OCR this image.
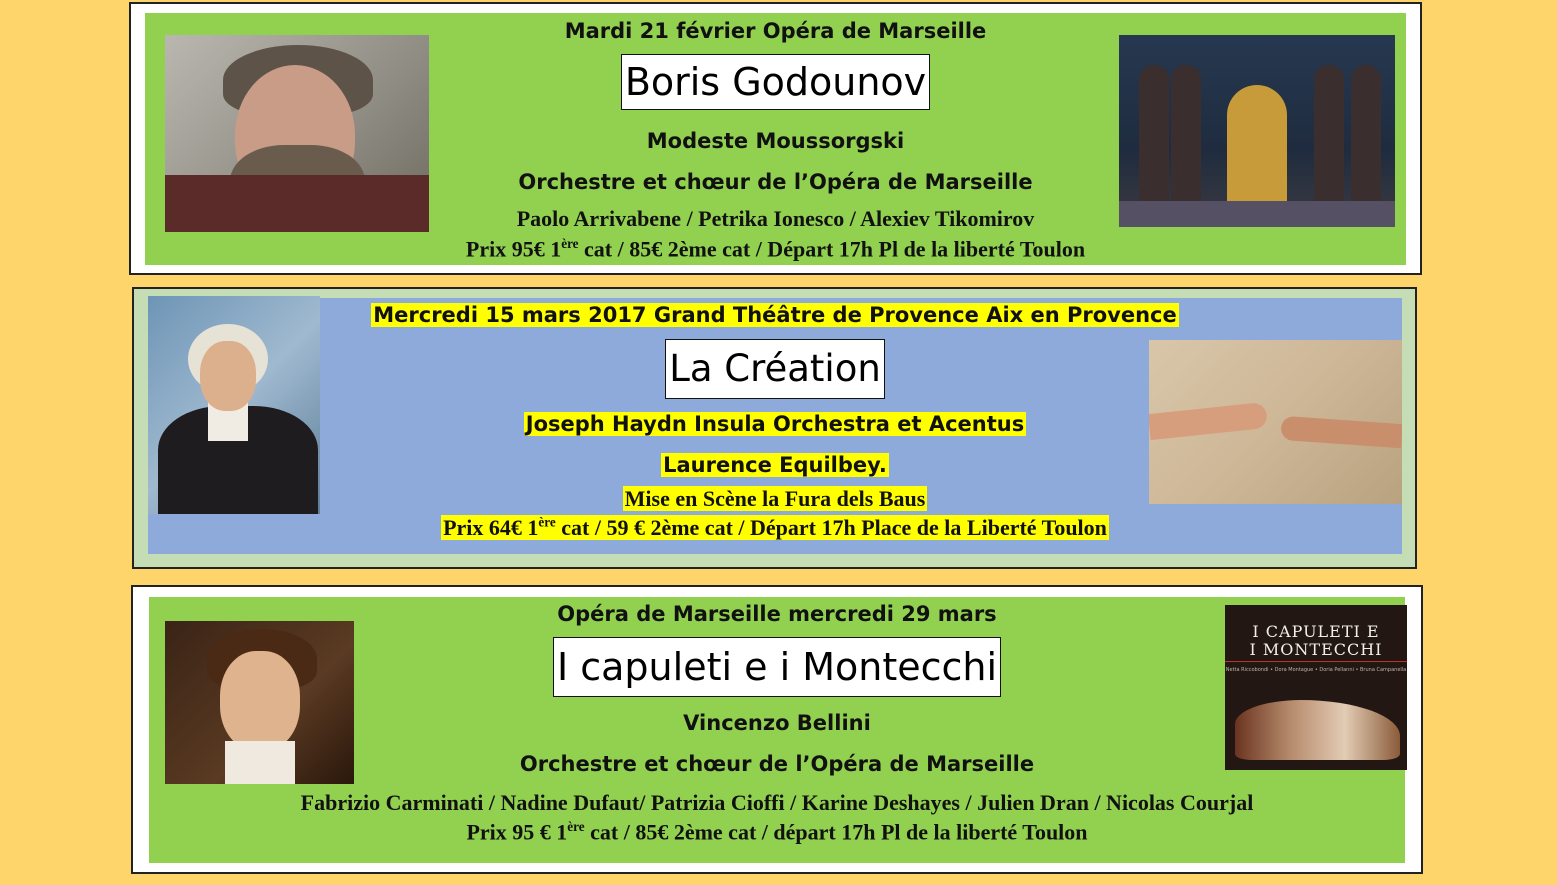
Mardi 21 février Opéra de Marseille
Boris Godounov
Modeste Moussorgski
Orchestre et chœur de l’Opéra de Marseille
Paolo Arrivabene / Petrika Ionesco / Alexiev Tikomirov
Prix 95€ 1ère cat / 85€ 2ème cat / Départ 17h Pl de la liberté Toulon
Mercredi 15 mars 2017 Grand Théâtre de Provence Aix en Provence
La Création
Joseph Haydn Insula Orchestra et Acentus
Laurence Equilbey.
Mise en Scène la Fura dels Baus
Prix 64€ 1ère cat / 59 € 2ème cat / Départ 17h Place de la Liberté Toulon
I CAPULETI E
I MONTECCHI
Netta Riccobondi • Dora Montague • Doria Pellanni • Bruna Campanella
Opéra de Marseille mercredi 29 mars
I capuleti e i Montecchi
Vincenzo Bellini
Orchestre et chœur de l’Opéra de Marseille
Fabrizio Carminati / Nadine Dufaut/ Patrizia Cioffi / Karine Deshayes / Julien Dran / Nicolas Courjal
Prix 95 € 1ère cat / 85€ 2ème cat / départ 17h Pl de la liberté Toulon
